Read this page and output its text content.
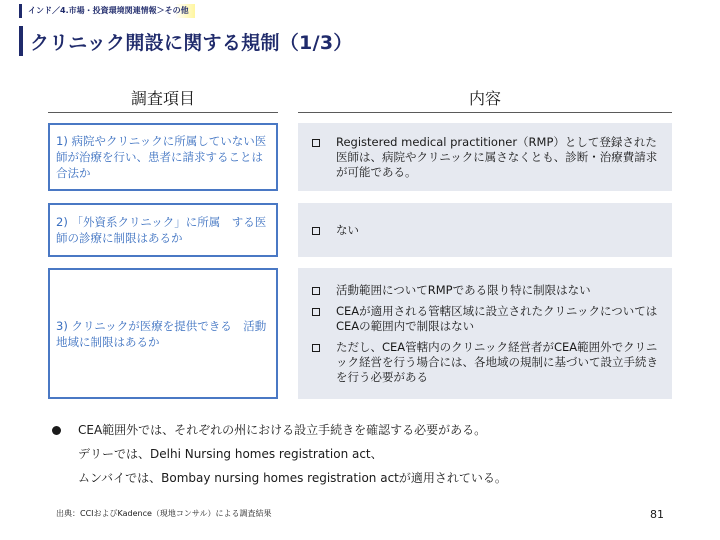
インド／4.市場・投資環境関連情報＞その他
クリニック開設に関する規制（1/3）
調査項目	内容
1) 病院やクリニックに所属していない医師が治療を行い、患者に請求することは合法か
Registered medical practitioner（RMP）として登録された医師は、病院やクリニックに属さなくとも、診断・治療費請求が可能である。
2) 「外資系クリニック」に所属　する医師の診療に制限はあるか
ない
3) クリニックが医療を提供できる　活動地域に制限はあるか
活動範囲についてRMPである限り特に制限はない
CEAが適用される管轄区域に設立されたクリニックについてはCEAの範囲内で制限はない
ただし、CEA管轄内のクリニック経営者がCEA範囲外でクリニック経営を行う場合には、各地域の規制に基づいて設立手続きを行う必要がある
CEA範囲外では、それぞれの州における設立手続きを確認する必要がある。
デリーでは、Delhi Nursing homes registration act、
ムンバイでは、Bombay nursing homes registration actが適用されている。
出典：CCIおよびKadence（現地コンサル）による調査結果	81
